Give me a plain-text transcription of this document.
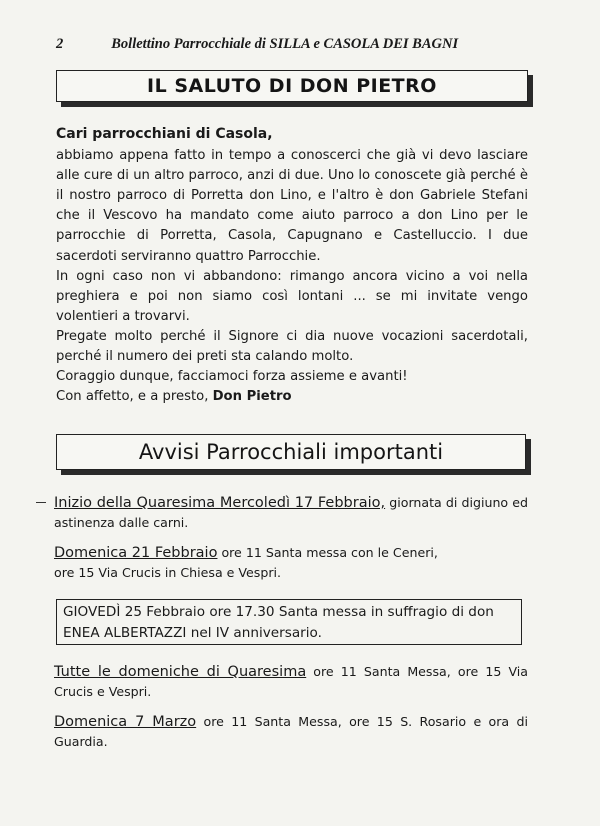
2	Bollettino Parrocchiale di SILLA e CASOLA DEI BAGNI
IL SALUTO DI DON PIETRO

Cari parrocchiani di Casola,

abbiamo appena fatto in tempo a conoscerci che già vi devo lasciare alle cure di un altro parroco, anzi di due. Uno lo conoscete già perché è il nostro parroco di Porretta don Lino, e l'altro è don Gabriele Stefani che il Vescovo ha mandato come aiuto parroco a don Lino per le parrocchie di Porretta, Casola, Capugnano e Castelluccio. I due sacerdoti serviranno quattro Parrocchie.

In ogni caso non vi abbandono: rimango ancora vicino a voi nella preghiera e poi non siamo così lontani ... se mi invitate vengo volentieri a trovarvi.

Pregate molto perché il Signore ci dia nuove vocazioni sacerdotali, perché il numero dei preti sta calando molto.

Coraggio dunque, facciamoci forza assieme e avanti!

Con affetto, e a presto, Don Pietro

Avvisi Parrocchiali importanti

Inizio della Quaresima Mercoledì 17 Febbraio, giornata di digiuno ed astinenza dalle carni.

Domenica 21 Febbraio ore 11 Santa messa con le Ceneri,
ore 15 Via Crucis in Chiesa e Vespri.

GIOVEDÌ 25 Febbraio ore 17.30 Santa messa in suffragio di don ENEA ALBERTAZZI nel IV anniversario.

Tutte le domeniche di Quaresima ore 11 Santa Messa, ore 15 Via Crucis e Vespri.

Domenica 7 Marzo ore 11 Santa Messa, ore 15 S. Rosario e ora di Guardia.
